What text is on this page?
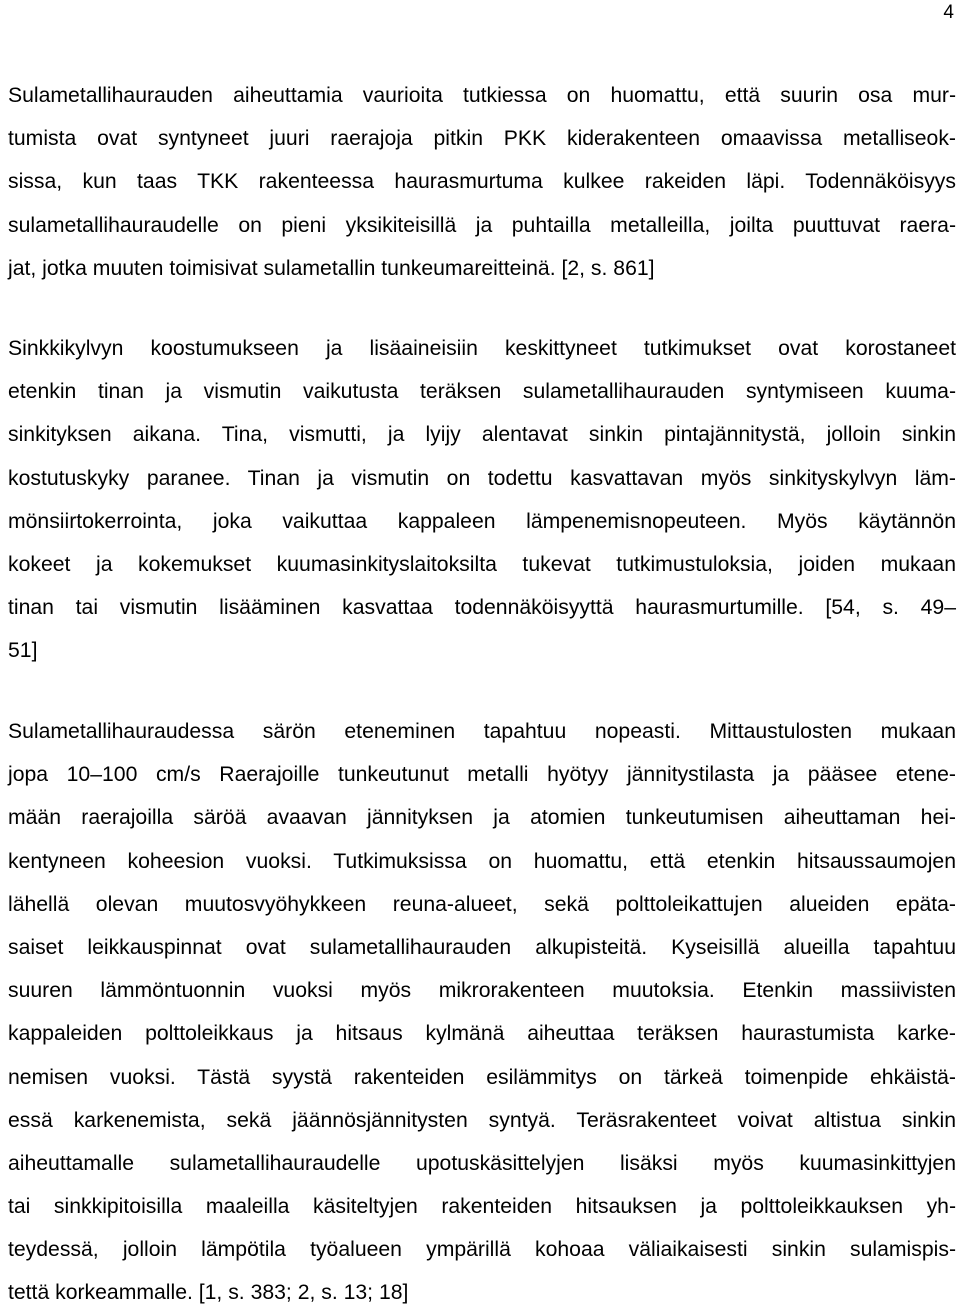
4

Sulametallihaurauden aiheuttamia vaurioita tutkiessa on huomattu, että suurin osa mur-
tumista ovat syntyneet juuri raerajoja pitkin PKK kiderakenteen omaavissa metalliseok-
sissa, kun taas TKK rakenteessa haurasmurtuma kulkee rakeiden läpi. Todennäköisyys
sulametallihauraudelle on pieni yksikiteisillä ja puhtailla metalleilla, joilta puuttuvat raera-
jat, jotka muuten toimisivat sulametallin tunkeumareitteinä. [2, s. 861]

Sinkkikylvyn koostumukseen ja lisäaineisiin keskittyneet tutkimukset ovat korostaneet
etenkin tinan ja vismutin vaikutusta teräksen sulametallihaurauden syntymiseen kuuma-
sinkityksen aikana. Tina, vismutti, ja lyijy alentavat sinkin pintajännitystä, jolloin sinkin
kostutuskyky paranee. Tinan ja vismutin on todettu kasvattavan myös sinkityskylvyn läm-
mönsiirtokerrointa, joka vaikuttaa kappaleen lämpenemisnopeuteen. Myös käytännön
kokeet ja kokemukset kuumasinkityslaitoksilta tukevat tutkimustuloksia, joiden mukaan
tinan tai vismutin lisääminen kasvattaa todennäköisyyttä haurasmurtumille. [54, s. 49–
51]

Sulametallihauraudessa särön eteneminen tapahtuu nopeasti. Mittaustulosten mukaan
jopa 10–100 cm/s Raerajoille tunkeutunut metalli hyötyy jännitystilasta ja pääsee etene-
mään raerajoilla säröä avaavan jännityksen ja atomien tunkeutumisen aiheuttaman hei-
kentyneen koheesion vuoksi. Tutkimuksissa on huomattu, että etenkin hitsaussaumojen
lähellä olevan muutosvyöhykkeen reuna-alueet, sekä polttoleikattujen alueiden epäta-
saiset leikkauspinnat ovat sulametallihaurauden alkupisteitä. Kyseisillä alueilla tapahtuu
suuren lämmöntuonnin vuoksi myös mikrorakenteen muutoksia. Etenkin massiivisten
kappaleiden polttoleikkaus ja hitsaus kylmänä aiheuttaa teräksen haurastumista karke-
nemisen vuoksi. Tästä syystä rakenteiden esilämmitys on tärkeä toimenpide ehkäistä-
essä karkenemista, sekä jäännösjännitysten syntyä. Teräsrakenteet voivat altistua sinkin
aiheuttamalle sulametallihauraudelle upotuskäsittelyjen lisäksi myös kuumasinkittyjen
tai sinkkipitoisilla maaleilla käsiteltyjen rakenteiden hitsauksen ja polttoleikkauksen yh-
teydessä, jolloin lämpötila työalueen ympärillä kohoaa väliaikaisesti sinkin sulamispis-
tettä korkeammalle. [1, s. 383; 2, s. 13; 18]
